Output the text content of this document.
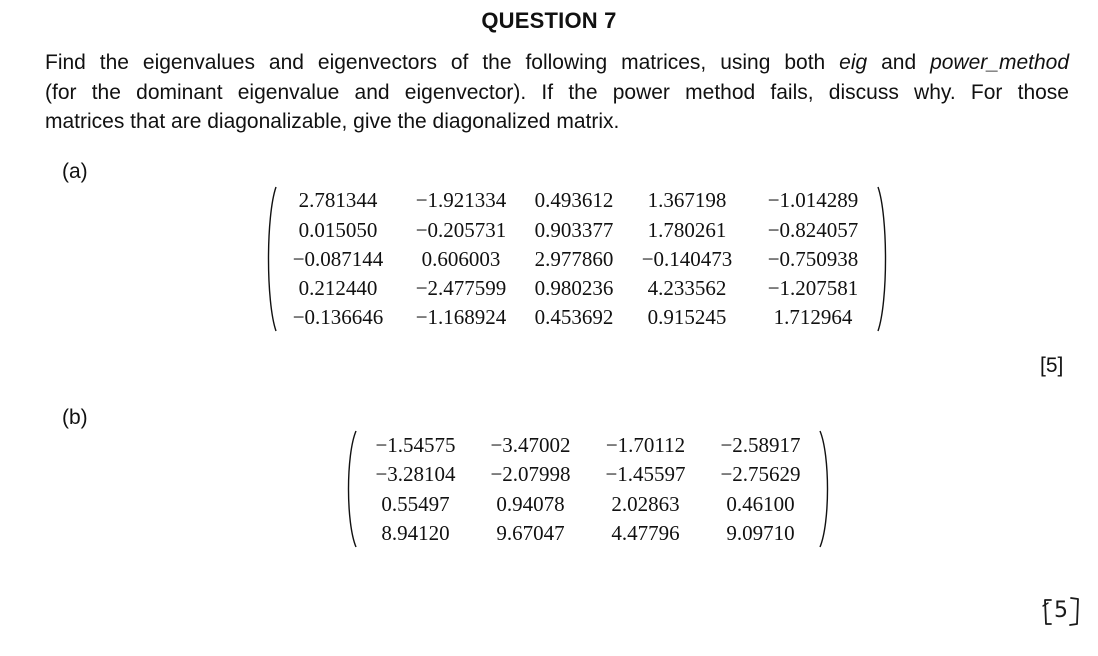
QUESTION 7
Find the eigenvalues and eigenvectors of the following matrices, using both eig and power_method
(for the dominant eigenvalue and eigenvector). If the power method fails, discuss why. For those
matrices that are diagonalizable, give the diagonalized matrix.
(a)
2.781344	−1.921334	0.493612	1.367198	−1.014289
0.015050	−0.205731	0.903377	1.780261	−0.824057
−0.087144	0.606003	2.977860	−0.140473	−0.750938
0.212440	−2.477599	0.980236	4.233562	−1.207581
−0.136646	−1.168924	0.453692	0.915245	1.712964
[5]
(b)
−1.54575	−3.47002	−1.70112	−2.58917
−3.28104	−2.07998	−1.45597	−2.75629
0.55497	0.94078	2.02863	0.46100
8.94120	9.67047	4.47796	9.09710
5
